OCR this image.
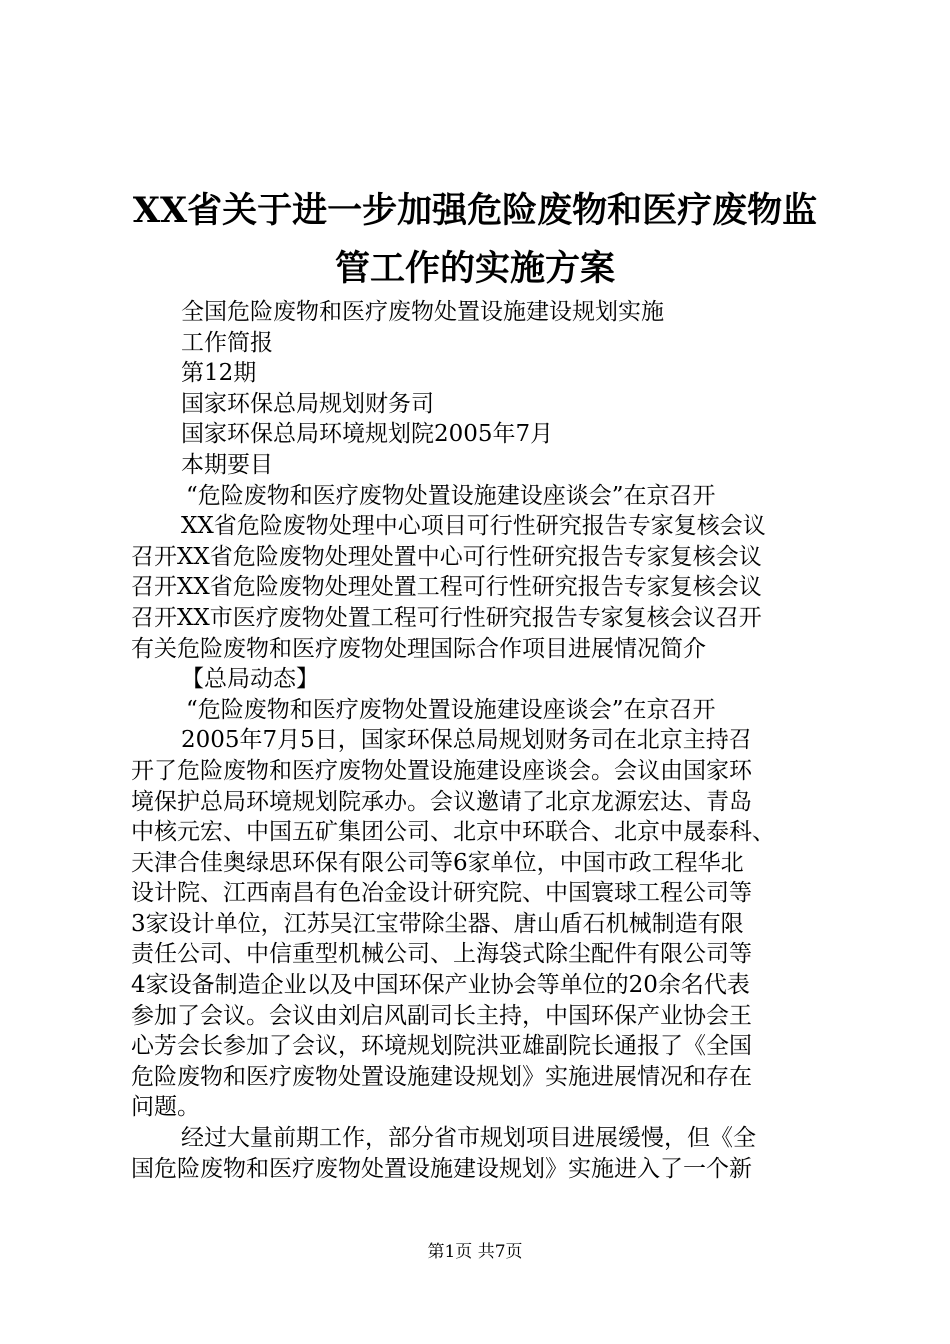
XX省关于进一步加强危险废物和医疗废物监
管工作的实施方案
全国危险废物和医疗废物处置设施建设规划实施
工作简报
第12期
国家环保总局规划财务司
国家环保总局环境规划院2005年7月
本期要目
“危险废物和医疗废物处置设施建设座谈会”在京召开
XX省危险废物处理中心项目可行性研究报告专家复核会议
召开XX省危险废物处理处置中心可行性研究报告专家复核会议
召开XX省危险废物处理处置工程可行性研究报告专家复核会议
召开XX市医疗废物处置工程可行性研究报告专家复核会议召开
有关危险废物和医疗废物处理国际合作项目进展情况简介
【总局动态】
“危险废物和医疗废物处置设施建设座谈会”在京召开
2005年7月5日，国家环保总局规划财务司在北京主持召
开了危险废物和医疗废物处置设施建设座谈会。会议由国家环
境保护总局环境规划院承办。会议邀请了北京龙源宏达、青岛
中核元宏、中国五矿集团公司、北京中环联合、北京中晟泰科、
天津合佳奥绿思环保有限公司等6家单位，中国市政工程华北
设计院、江西南昌有色冶金设计研究院、中国寰球工程公司等
3家设计单位，江苏吴江宝带除尘器、唐山盾石机械制造有限
责任公司、中信重型机械公司、上海袋式除尘配件有限公司等
4家设备制造企业以及中国环保产业协会等单位的20余名代表
参加了会议。会议由刘启风副司长主持，中国环保产业协会王
心芳会长参加了会议，环境规划院洪亚雄副院长通报了《全国
危险废物和医疗废物处置设施建设规划》实施进展情况和存在
问题。
经过大量前期工作，部分省市规划项目进展缓慢，但《全
国危险废物和医疗废物处置设施建设规划》实施进入了一个新
第1页 共7页
